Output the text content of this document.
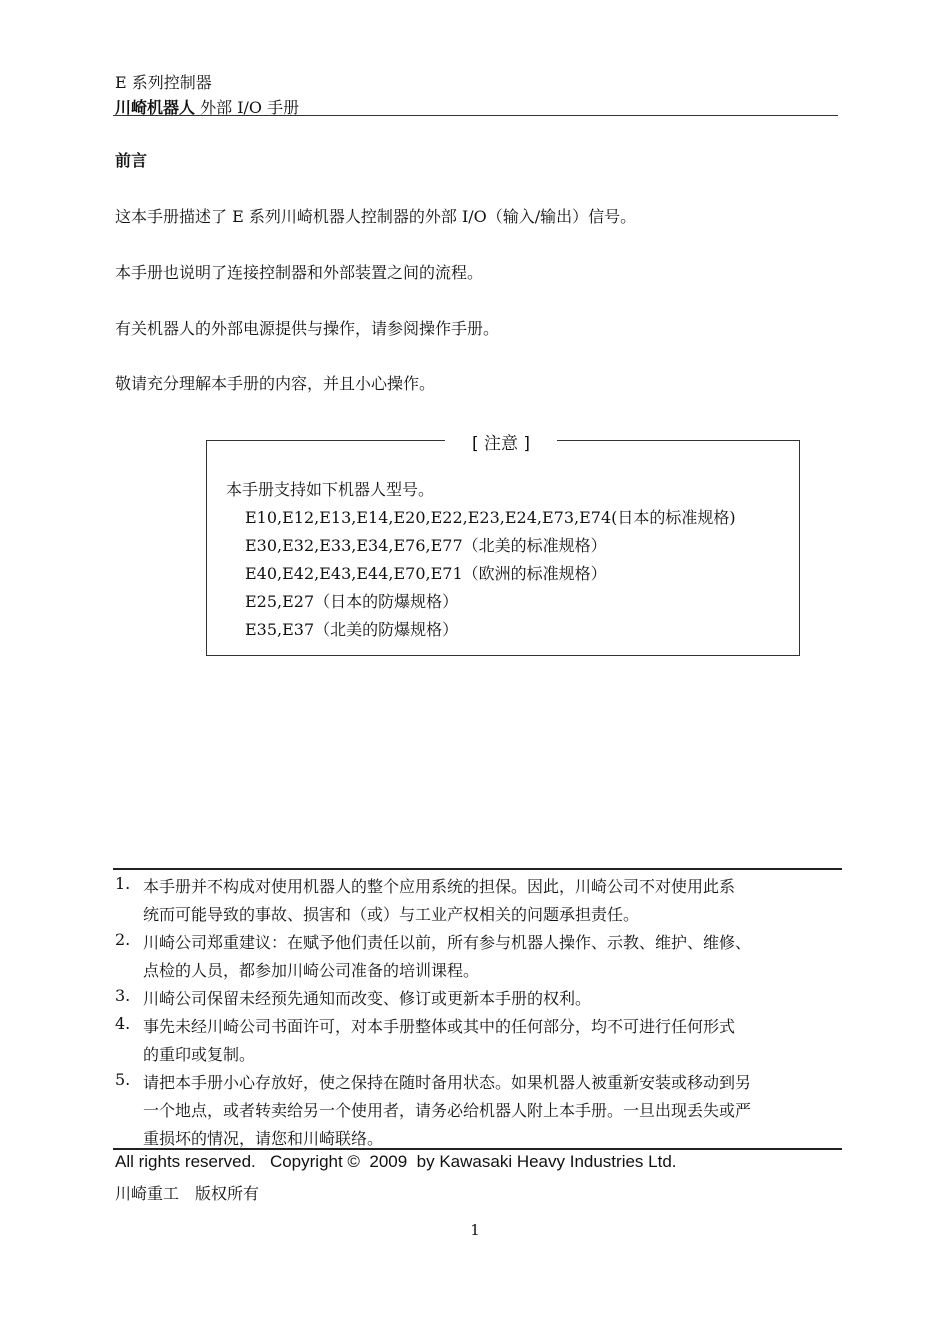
E 系列控制器
川崎机器人 外部 I/O 手册
前言
这本手册描述了 E 系列川崎机器人控制器的外部 I/O（输入/输出）信号。
本手册也说明了连接控制器和外部装置之间的流程。
有关机器人的外部电源提供与操作，请参阅操作手册。
敬请充分理解本手册的内容，并且小心操作。
[ 注意 ]
本手册支持如下机器人型号。
E10,E12,E13,E14,E20,E22,E23,E24,E73,E74(日本的标准规格)
E30,E32,E33,E34,E76,E77（北美的标准规格）
E40,E42,E43,E44,E70,E71（欧洲的标准规格）
E25,E27（日本的防爆规格）
E35,E37（北美的防爆规格）
1. 本手册并不构成对使用机器人的整个应用系统的担保。因此，川崎公司不对使用此系
统而可能导致的事故、损害和（或）与工业产权相关的问题承担责任。
2. 川崎公司郑重建议：在赋予他们责任以前，所有参与机器人操作、示教、维护、维修、
点检的人员，都参加川崎公司准备的培训课程。
3. 川崎公司保留未经预先通知而改变、修订或更新本手册的权利。
4. 事先未经川崎公司书面许可，对本手册整体或其中的任何部分，均不可进行任何形式
的重印或复制。
5. 请把本手册小心存放好，使之保持在随时备用状态。如果机器人被重新安装或移动到另
一个地点，或者转卖给另一个使用者，请务必给机器人附上本手册。一旦出现丢失或严
重损坏的情况，请您和川崎联络。
All rights reserved.   Copyright ©  2009  by Kawasaki Heavy Industries Ltd.
川崎重工　版权所有
1
